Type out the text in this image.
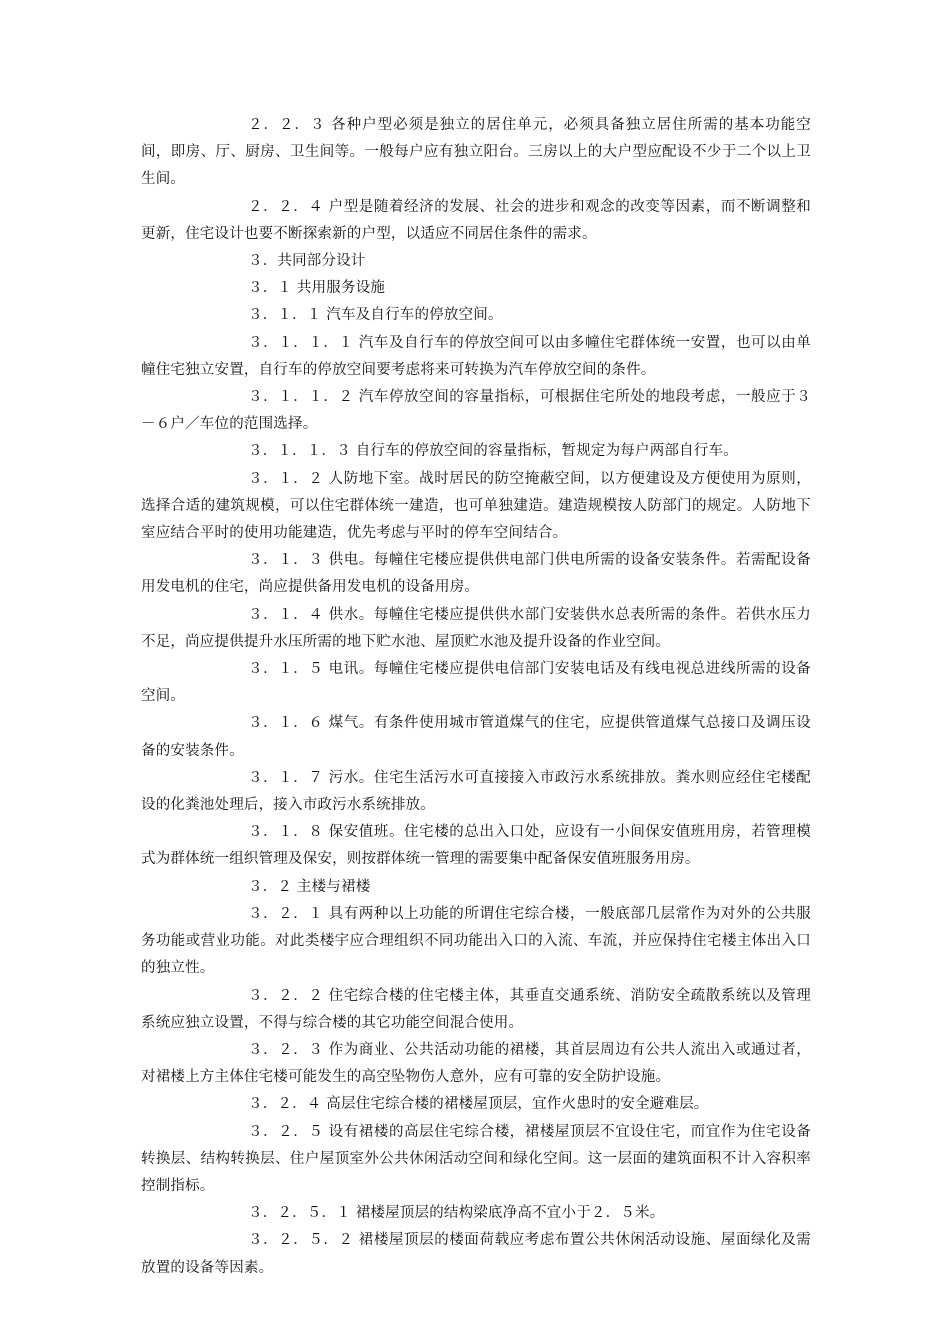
２．２．３ 各种户型必须是独立的居住单元，必须具备独立居住所需的基本功能空间，即房、厅、厨房、卫生间等。一般每户应有独立阳台。三房以上的大户型应配设不少于二个以上卫生间。

２．２．４ 户型是随着经济的发展、社会的进步和观念的改变等因素，而不断调整和更新，住宅设计也要不断探索新的户型，以适应不同居住条件的需求。

３．共同部分设计

３．１ 共用服务设施

３．１．１ 汽车及自行车的停放空间。

３．１．１．１ 汽车及自行车的停放空间可以由多幢住宅群体统一安置，也可以由单幢住宅独立安置，自行车的停放空间要考虑将来可转换为汽车停放空间的条件。

３．１．１．２ 汽车停放空间的容量指标，可根据住宅所处的地段考虑，一般应于３－６户／车位的范围选择。

３．１．１．３ 自行车的停放空间的容量指标，暂规定为每户两部自行车。

３．１．２ 人防地下室。战时居民的防空掩蔽空间，以方便建设及方便使用为原则，选择合适的建筑规模，可以住宅群体统一建造，也可单独建造。建造规模按人防部门的规定。人防地下室应结合平时的使用功能建造，优先考虑与平时的停车空间结合。

３．１．３ 供电。每幢住宅楼应提供供电部门供电所需的设备安装条件。若需配设备用发电机的住宅，尚应提供备用发电机的设备用房。

３．１．４ 供水。每幢住宅楼应提供供水部门安装供水总表所需的条件。若供水压力不足，尚应提供提升水压所需的地下贮水池、屋顶贮水池及提升设备的作业空间。

３．１．５ 电讯。每幢住宅楼应提供电信部门安装电话及有线电视总进线所需的设备空间。

３．１．６ 煤气。有条件使用城市管道煤气的住宅，应提供管道煤气总接口及调压设备的安装条件。

３．１．７ 污水。住宅生活污水可直接接入市政污水系统排放。粪水则应经住宅楼配设的化粪池处理后，接入市政污水系统排放。

３．１．８ 保安值班。住宅楼的总出入口处，应设有一小间保安值班用房，若管理模式为群体统一组织管理及保安，则按群体统一管理的需要集中配备保安值班服务用房。

３．２ 主楼与裙楼

３．２．１ 具有两种以上功能的所谓住宅综合楼，一般底部几层常作为对外的公共服务功能或营业功能。对此类楼宇应合理组织不同功能出入口的入流、车流，并应保持住宅楼主体出入口的独立性。

３．２．２ 住宅综合楼的住宅楼主体，其垂直交通系统、消防安全疏散系统以及管理系统应独立设置，不得与综合楼的其它功能空间混合使用。

３．２．３ 作为商业、公共活动功能的裙楼，其首层周边有公共人流出入或通过者，对裙楼上方主体住宅楼可能发生的高空坠物伤人意外，应有可靠的安全防护设施。

３．２．４ 高层住宅综合楼的裙楼屋顶层，宜作火患时的安全避难层。

３．２．５ 设有裙楼的高层住宅综合楼，裙楼屋顶层不宜设住宅，而宜作为住宅设备转换层、结构转换层、住户屋顶室外公共休闲活动空间和绿化空间。这一层面的建筑面积不计入容积率控制指标。

３．２．５．１ 裙楼屋顶层的结构梁底净高不宜小于２．５米。

３．２．５．２ 裙楼屋顶层的楼面荷载应考虑布置公共休闲活动设施、屋面绿化及需放置的设备等因素。
